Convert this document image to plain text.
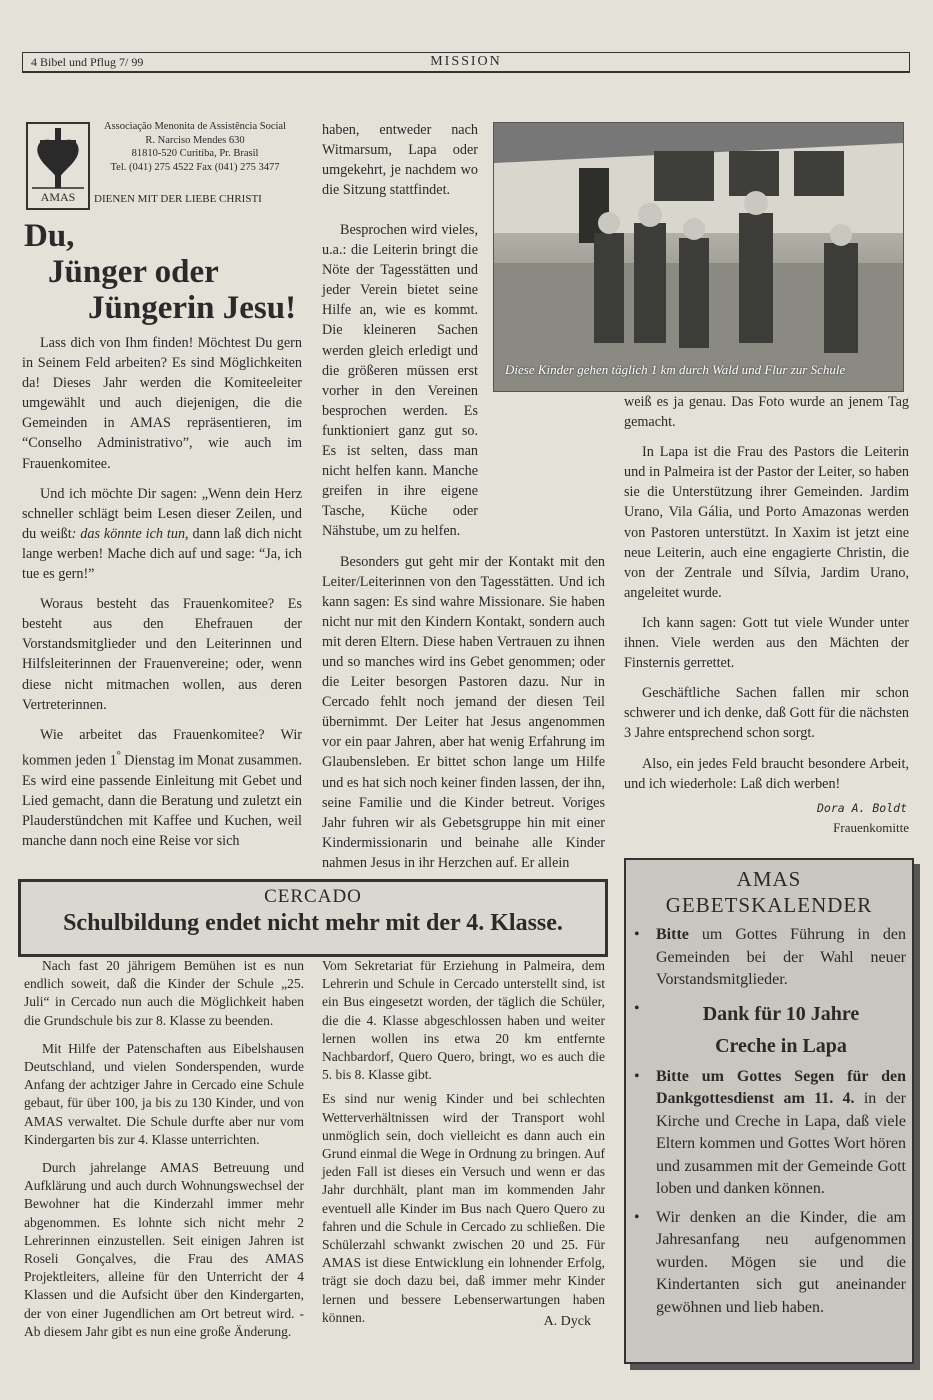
4 Bibel und Pflug 7/ 99	MISSION
AMAS
Associação Menonita de Assistência Social
R. Narciso Mendes 630
81810-520 Curitiba, Pr. Brasil
Tel. (041) 275 4522 Fax (041) 275 3477
DIENEN MIT DER LIEBE CHRISTI
Du,
Jünger oder
Jüngerin Jesu!

Lass dich von Ihm finden! Möchtest Du gern in Seinem Feld arbeiten? Es sind Möglichkeiten da! Dieses Jahr werden die Komiteeleiter umgewählt und auch diejenigen, die die Gemeinden in AMAS repräsentieren, im “Conselho Administrativo”, wie auch im Frauenkomitee.

Und ich möchte Dir sagen: „Wenn dein Herz schneller schlägt beim Lesen dieser Zeilen, und du weißt: das könnte ich tun, dann laß dich nicht lange werben! Mache dich auf und sage: “Ja, ich tue es gern!”

Woraus besteht das Frauenkomitee? Es besteht aus den Ehefrauen der Vorstandsmitglieder und den Leiterinnen und Hilfsleiterinnen der Frauenvereine; oder, wenn diese nicht mitmachen wollen, aus deren Vertreterinnen.

Wie arbeitet das Frauenkomitee? Wir kommen jeden $1^º$ Dienstag im Monat zusammen. Es wird eine passende Einleitung mit Gebet und Lied gemacht, dann die Beratung und zuletzt ein Plauderstündchen mit Kaffee und Kuchen, weil manche dann noch eine Reise vor sich

haben, entweder nach Witmarsum, Lapa oder umgekehrt, je nachdem wo die Sitzung stattfindet.

Besprochen wird vieles, u.a.: die Leiterin bringt die Nöte der Tagesstätten und jeder Verein bietet seine Hilfe an, wie es kommt. Die kleineren Sachen werden gleich erledigt und die größeren müssen erst vorher in den Vereinen besprochen werden. Es funktioniert ganz gut so. Es ist selten, dass man nicht helfen kann. Manche greifen in ihre eigene Tasche, Küche oder Nähstube, um zu helfen.

Besonders gut geht mir der Kontakt mit den Leiter/Leiterinnen von den Tagesstätten. Und ich kann sagen: Es sind wahre Missionare. Sie haben nicht nur mit den Kindern Kontakt, sondern auch mit deren Eltern. Diese haben Vertrauen zu ihnen und so manches wird ins Gebet genommen; oder die Leiter besorgen Pastoren dazu. Nur in Cercado fehlt noch jemand der diesen Teil übernimmt. Der Leiter hat Jesus angenommen vor ein paar Jahren, aber hat wenig Erfahrung im Glaubensleben. Er bittet schon lange um Hilfe und es hat sich noch keiner finden lassen, der ihn, seine Familie und die Kinder betreut. Voriges Jahr fuhren wir als Gebetsgruppe hin mit einer Kindermissionarin und beinahe alle Kinder nahmen Jesus in ihr Herzchen auf. Er allein

Diese Kinder gehen täglich 1 km durch Wald und Flur zur Schule

weiß es ja genau. Das Foto wurde an jenem Tag gemacht.

In Lapa ist die Frau des Pastors die Leiterin und in Palmeira ist der Pastor der Leiter, so haben sie die Unterstützung ihrer Gemeinden. Jardim Urano, Vila Gália, und Porto Amazonas werden von Pastoren unterstützt. In Xaxim ist jetzt eine neue Leiterin, auch eine engagierte Christin, die von der Zentrale und Sílvia, Jardim Urano, angeleitet wurde.

Ich kann sagen: Gott tut viele Wunder unter ihnen. Viele werden aus den Mächten der Finsternis gerrettet.

Geschäftliche Sachen fallen mir schon schwerer und ich denke, daß Gott für die nächsten 3 Jahre entsprechend schon sorgt.

Also, ein jedes Feld braucht besondere Arbeit, und ich wiederhole: Laß dich werben!

Dora A. Boldt
Frauenkomitte
CERCADO
Schulbildung endet nicht mehr mit der 4. Klasse.

Nach fast 20 jährigem Bemühen ist es nun endlich soweit, daß die Kinder der Schule „25. Juli“ in Cercado nun auch die Möglichkeit haben die Grundschule bis zur 8. Klasse zu beenden.

Mit Hilfe der Patenschaften aus Eibelshausen Deutschland, und vielen Sonderspenden, wurde Anfang der achtziger Jahre in Cercado eine Schule gebaut, für über 100, ja bis zu 130 Kinder, und von AMAS verwaltet. Die Schule durfte aber nur vom Kindergarten bis zur 4. Klasse unterrichten.

Durch jahrelange AMAS Betreuung und Aufklärung und auch durch Wohnungswechsel der Bewohner hat die Kinderzahl immer mehr abgenommen. Es lohnte sich nicht mehr 2 Lehrerinnen einzustellen. Seit einigen Jahren ist Roseli Gonçalves, die Frau des AMAS Projektleiters, alleine für den Unterricht der 4 Klassen und die Aufsicht über den Kindergarten, der von einer Jugendlichen am Ort betreut wird. - Ab diesem Jahr gibt es nun eine große Änderung.

Vom Sekretariat für Erziehung in Palmeira, dem Lehrerin und Schule in Cercado unterstellt sind, ist ein Bus eingesetzt worden, der täglich die Schüler, die die 4. Klasse abgeschlossen haben und weiter lernen wollen ins etwa 20 km entfernte Nachbardorf, Quero Quero, bringt, wo es auch die 5. bis 8. Klasse gibt.

Es sind nur wenig Kinder und bei schlechten Wetterverhältnissen wird der Transport wohl unmöglich sein, doch vielleicht es dann auch ein Grund einmal die Wege in Ordnung zu bringen. Auf jeden Fall ist dieses ein Versuch und wenn er das Jahr durchhält, plant man im kommenden Jahr eventuell alle Kinder im Bus nach Quero Quero zu fahren und die Schule in Cercado zu schließen. Die Schülerzahl schwankt zwischen 20 und 25. Für AMAS ist diese Entwicklung ein lohnender Erfolg, trägt sie doch dazu bei, daß immer mehr Kinder lernen und bessere Lebenserwartungen haben können.	A. Dyck
AMAS
GEBETSKALENDER
• Bitte um Gottes Führung in den Gemeinden bei der Wahl neuer Vorstandsmitglieder.
•	Dank für 10 Jahre
Creche in Lapa
• Bitte um Gottes Segen für den Dankgottesdienst am 11. 4. in der Kirche und Creche in Lapa, daß viele Eltern kommen und Gottes Wort hören und zusammen mit der Gemeinde Gott loben und danken können.
• Wir denken an die Kinder, die am Jahresanfang neu aufgenommen wurden. Mögen sie und die Kindertanten sich gut aneinander gewöhnen und lieb haben.
